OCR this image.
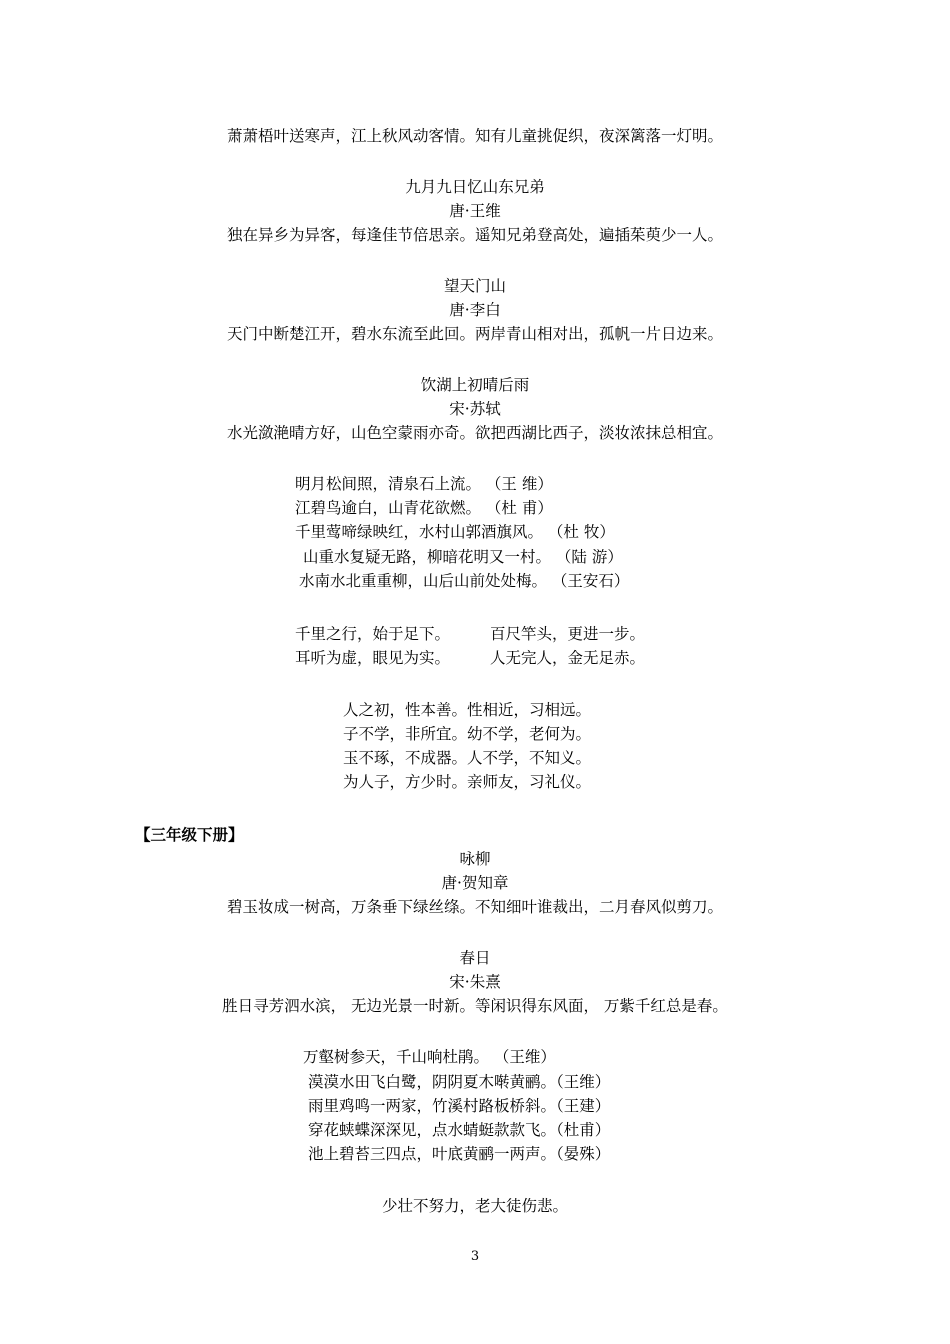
萧萧梧叶送寒声，江上秋风动客情。知有儿童挑促织，夜深篱落一灯明。
九月九日忆山东兄弟
唐·王维
独在异乡为异客，每逢佳节倍思亲。遥知兄弟登高处，遍插茱萸少一人。
望天门山
唐·李白
天门中断楚江开，碧水东流至此回。两岸青山相对出，孤帆一片日边来。
饮湖上初晴后雨
宋·苏轼
水光潋滟晴方好，山色空蒙雨亦奇。欲把西湖比西子，淡妆浓抹总相宜。
明月松间照，清泉石上流。 （王 维）
江碧鸟逾白，山青花欲燃。 （杜 甫）
千里莺啼绿映红，水村山郭酒旗风。 （杜 牧）
山重水复疑无路，柳暗花明又一村。 （陆 游）
水南水北重重柳，山后山前处处梅。 （王安石）
千里之行，始于足下。	百尺竿头，更进一步。
耳听为虚，眼见为实。	人无完人，金无足赤。
人之初，性本善。性相近，习相远。
子不学，非所宜。幼不学，老何为。
玉不琢，不成器。人不学，不知义。
为人子，方少时。亲师友，习礼仪。
【三年级下册】
咏柳
唐·贺知章
碧玉妆成一树高，万条垂下绿丝绦。不知细叶谁裁出，二月春风似剪刀。
春日
宋·朱熹
胜日寻芳泗水滨， 无边光景一时新。等闲识得东风面， 万紫千红总是春。
万壑树参天，千山响杜鹃。 （王维）
漠漠水田飞白鹭，阴阴夏木啭黄鹂。（王维）
雨里鸡鸣一两家，竹溪村路板桥斜。（王建）
穿花蛱蝶深深见，点水蜻蜓款款飞。（杜甫）
池上碧苔三四点，叶底黄鹂一两声。（晏殊）
少壮不努力，老大徒伤悲。
3
